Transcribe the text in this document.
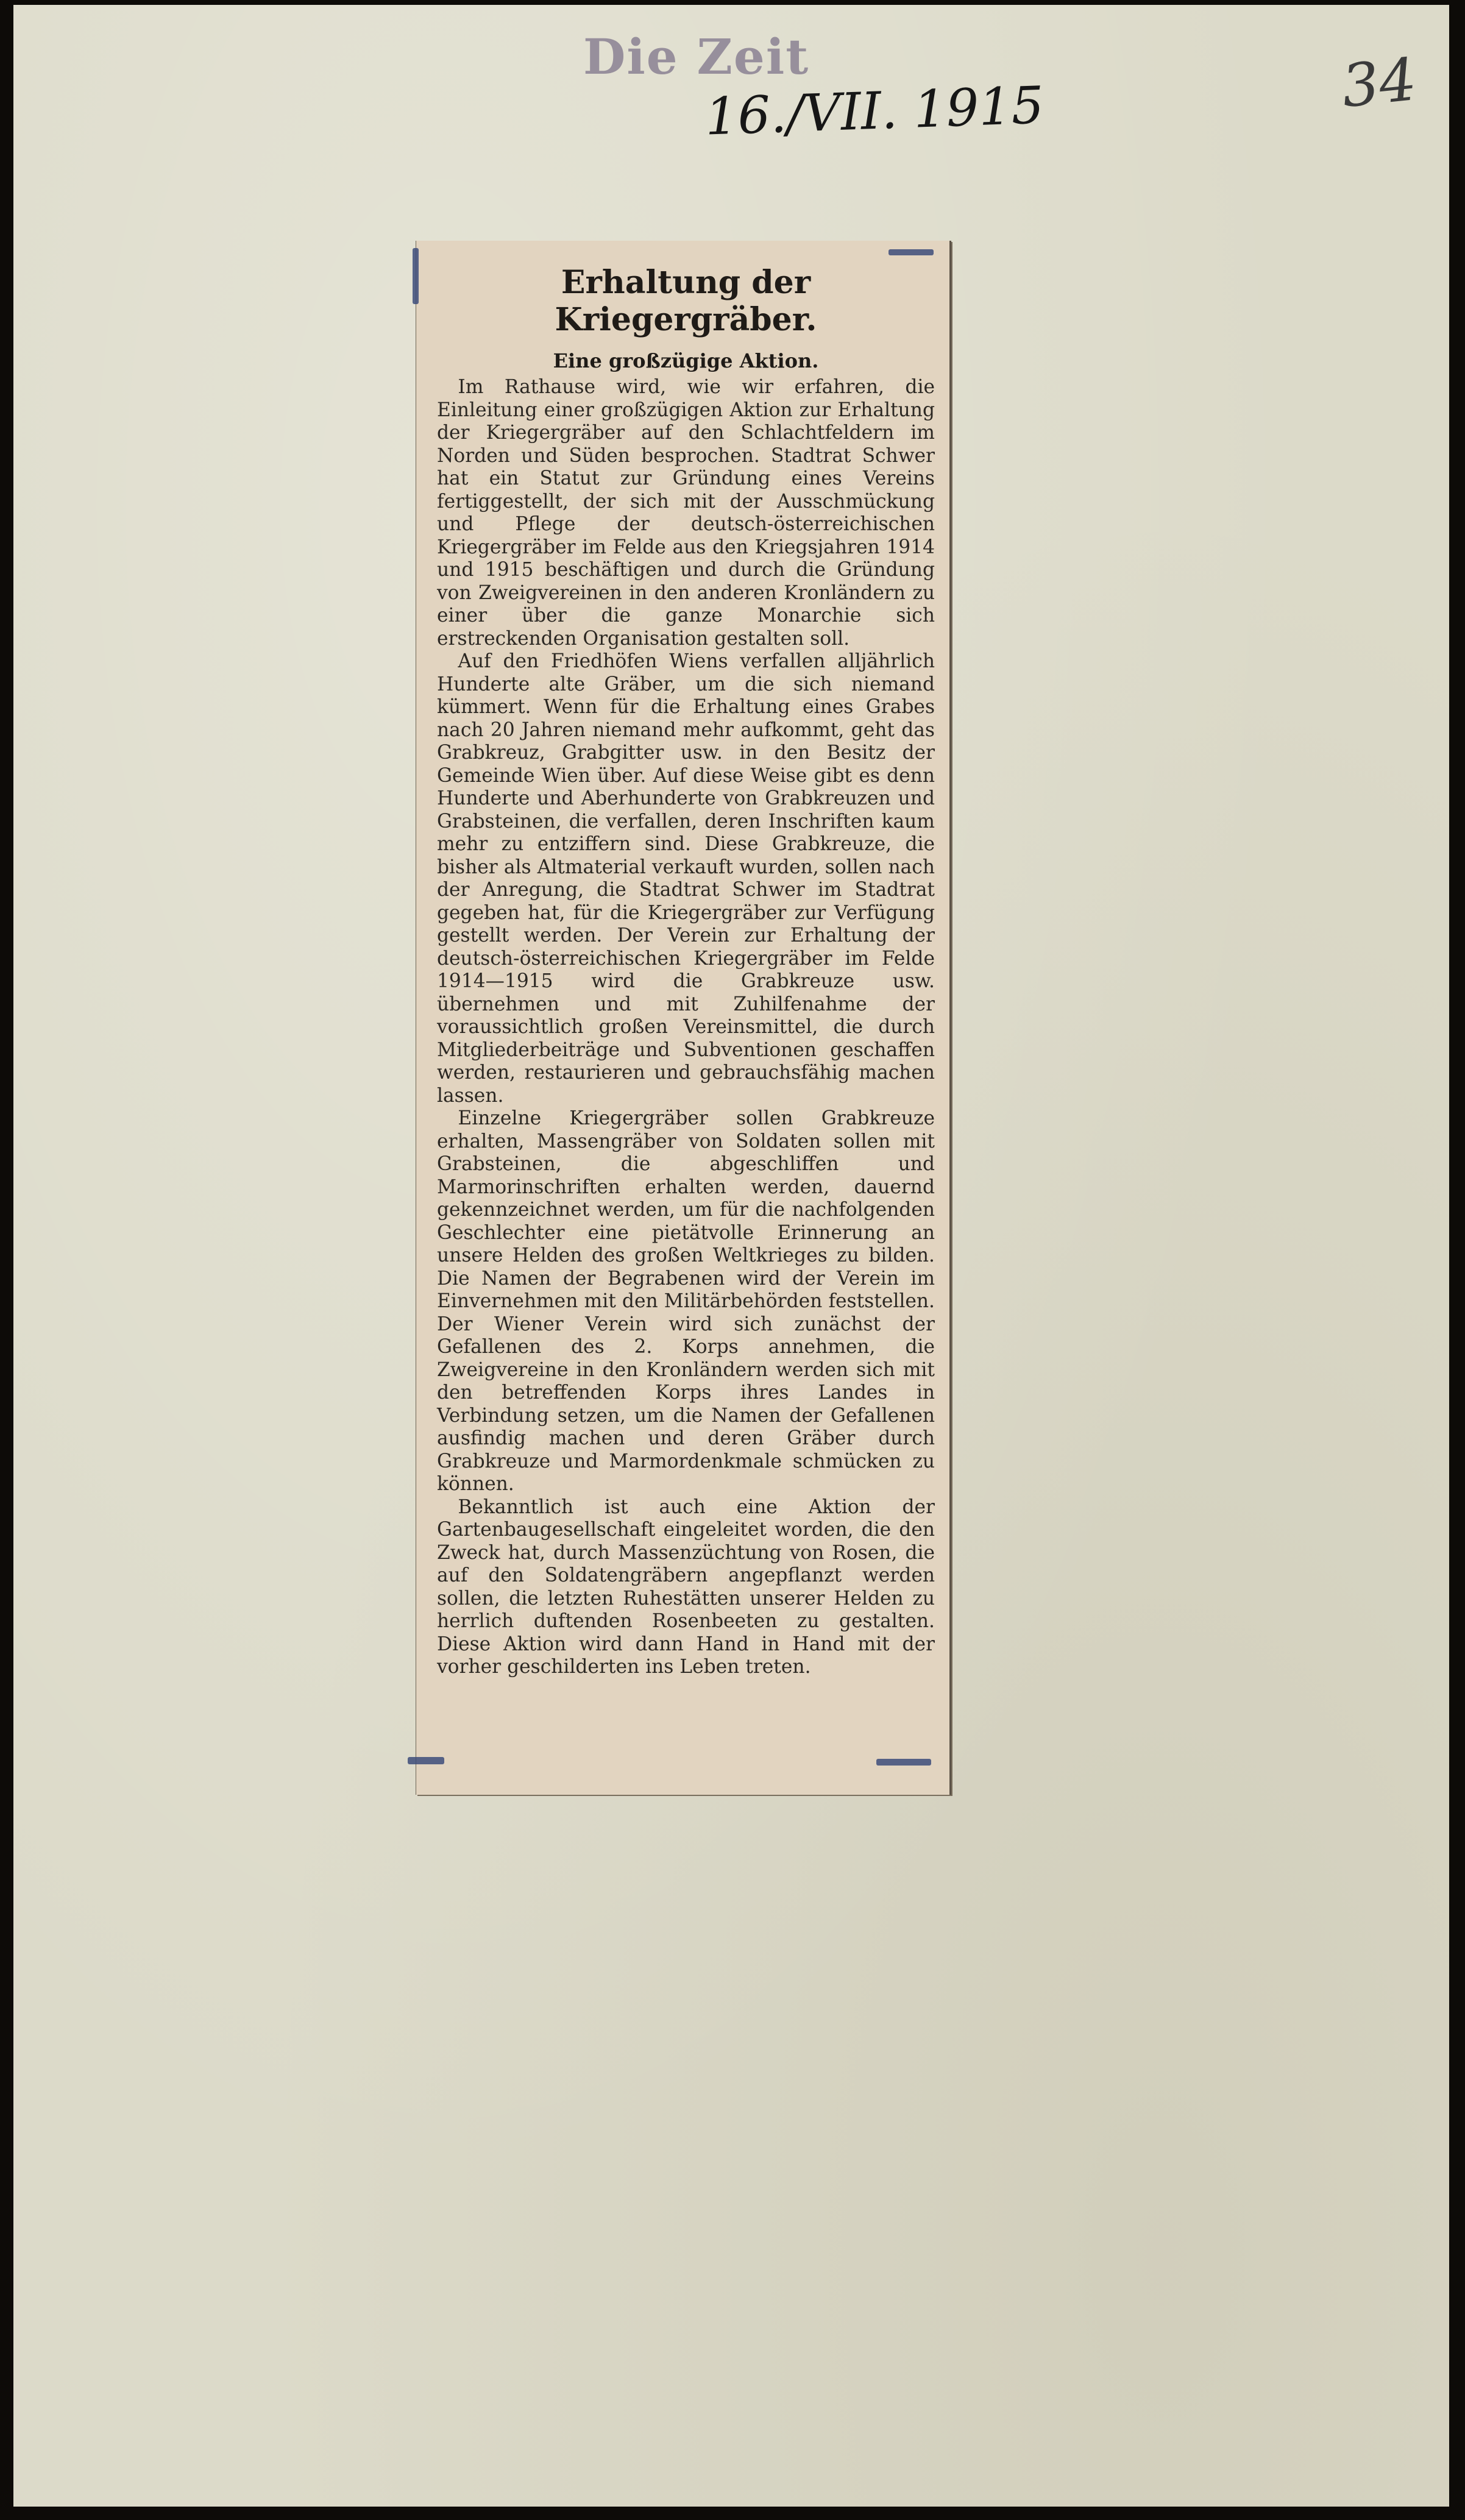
Die Zeit
16./VII. 1915	34
Erhaltung der Kriegergräber.
Eine großzügige Aktion.

Im Rathause wird, wie wir erfahren, die Einleitung einer großzügigen Aktion zur Erhaltung der Kriegergräber auf den Schlachtfeldern im Norden und Süden besprochen. Stadtrat Schwer hat ein Statut zur Gründung eines Vereins fertiggestellt, der sich mit der Ausschmückung und Pflege der deutsch-österreichischen Kriegergräber im Felde aus den Kriegsjahren 1914 und 1915 beschäftigen und durch die Gründung von Zweigvereinen in den anderen Kronländern zu einer über die ganze Monarchie sich erstreckenden Organisation gestalten soll.

Auf den Friedhöfen Wiens verfallen alljährlich Hunderte alte Gräber, um die sich niemand kümmert. Wenn für die Erhaltung eines Grabes nach 20 Jahren niemand mehr aufkommt, geht das Grabkreuz, Grabgitter usw. in den Besitz der Gemeinde Wien über. Auf diese Weise gibt es denn Hunderte und Aberhunderte von Grabkreuzen und Grabsteinen, die verfallen, deren Inschriften kaum mehr zu entziffern sind. Diese Grabkreuze, die bisher als Altmaterial verkauft wurden, sollen nach der Anregung, die Stadtrat Schwer im Stadtrat gegeben hat, für die Kriegergräber zur Verfügung gestellt werden. Der Verein zur Erhaltung der deutsch-österreichischen Kriegergräber im Felde 1914—1915 wird die Grabkreuze usw. übernehmen und mit Zuhilfenahme der voraussichtlich großen Vereinsmittel, die durch Mitgliederbeiträge und Subventionen geschaffen werden, restaurieren und gebrauchsfähig machen lassen.

Einzelne Kriegergräber sollen Grabkreuze erhalten, Massengräber von Soldaten sollen mit Grabsteinen, die abgeschliffen und Marmorinschriften erhalten werden, dauernd gekennzeichnet werden, um für die nachfolgenden Geschlechter eine pietätvolle Erinnerung an unsere Helden des großen Weltkrieges zu bilden. Die Namen der Begrabenen wird der Verein im Einvernehmen mit den Militärbehörden feststellen. Der Wiener Verein wird sich zunächst der Gefallenen des 2. Korps annehmen, die Zweigvereine in den Kronländern werden sich mit den betreffenden Korps ihres Landes in Verbindung setzen, um die Namen der Gefallenen ausfindig machen und deren Gräber durch Grabkreuze und Marmordenkmale schmücken zu können.

Bekanntlich ist auch eine Aktion der Gartenbaugesellschaft eingeleitet worden, die den Zweck hat, durch Massenzüchtung von Rosen, die auf den Soldatengräbern angepflanzt werden sollen, die letzten Ruhestätten unserer Helden zu herrlich duftenden Rosenbeeten zu gestalten. Diese Aktion wird dann Hand in Hand mit der vorher geschilderten ins Leben treten.
